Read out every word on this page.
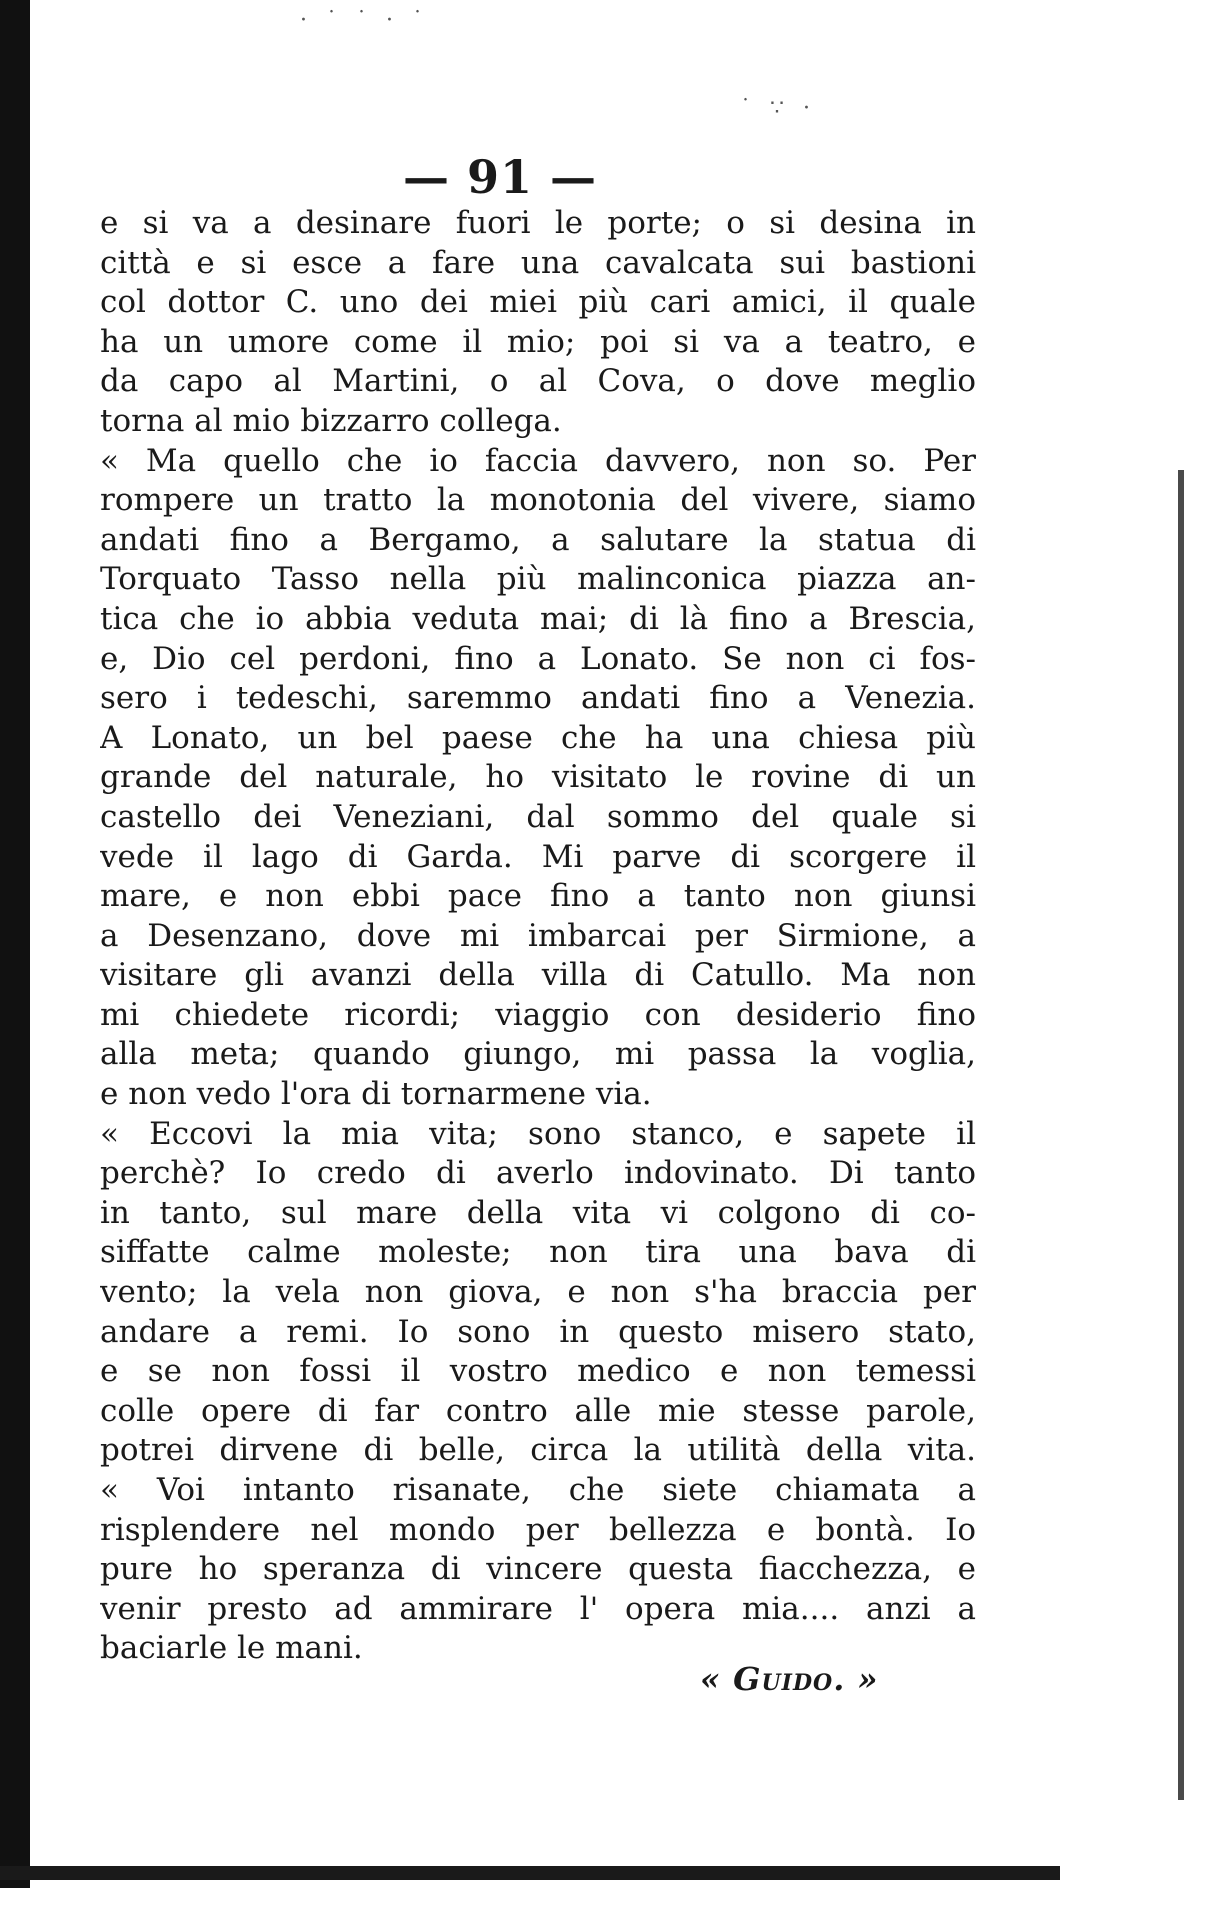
· ˙ ˙ · ˙
˙ ∵ ·
— 91 —
e si va a desinare fuori le porte; o si desina in
città e si esce a fare una cavalcata sui bastioni
col dottor C. uno dei miei più cari amici, il quale
ha un umore come il mio; poi si va a teatro, e
da capo al Martini, o al Cova, o dove meglio
torna al mio bizzarro collega.
« Ma quello che io faccia davvero, non so. Per
rompere un tratto la monotonia del vivere, siamo
andati fino a Bergamo, a salutare la statua di
Torquato Tasso nella più malinconica piazza an-
tica che io abbia veduta mai; di là fino a Brescia,
e, Dio cel perdoni, fino a Lonato. Se non ci fos-
sero i tedeschi, saremmo andati fino a Venezia.
A Lonato, un bel paese che ha una chiesa più
grande del naturale, ho visitato le rovine di un
castello dei Veneziani, dal sommo del quale si
vede il lago di Garda. Mi parve di scorgere il
mare, e non ebbi pace fino a tanto non giunsi
a Desenzano, dove mi imbarcai per Sirmione, a
visitare gli avanzi della villa di Catullo. Ma non
mi chiedete ricordi; viaggio con desiderio fino
alla meta; quando giungo, mi passa la voglia,
e non vedo l'ora di tornarmene via.
« Eccovi la mia vita; sono stanco, e sapete il
perchè? Io credo di averlo indovinato. Di tanto
in tanto, sul mare della vita vi colgono di co-
siffatte calme moleste; non tira una bava di
vento; la vela non giova, e non s'ha braccia per
andare a remi. Io sono in questo misero stato,
e se non fossi il vostro medico e non temessi
colle opere di far contro alle mie stesse parole,
potrei dirvene di belle, circa la utilità della vita.
« Voi intanto risanate, che siete chiamata a
risplendere nel mondo per bellezza e bontà. Io
pure ho speranza di vincere questa fiacchezza, e
venir presto ad ammirare l' opera mia.... anzi a
baciarle le mani.
« Guido. »
